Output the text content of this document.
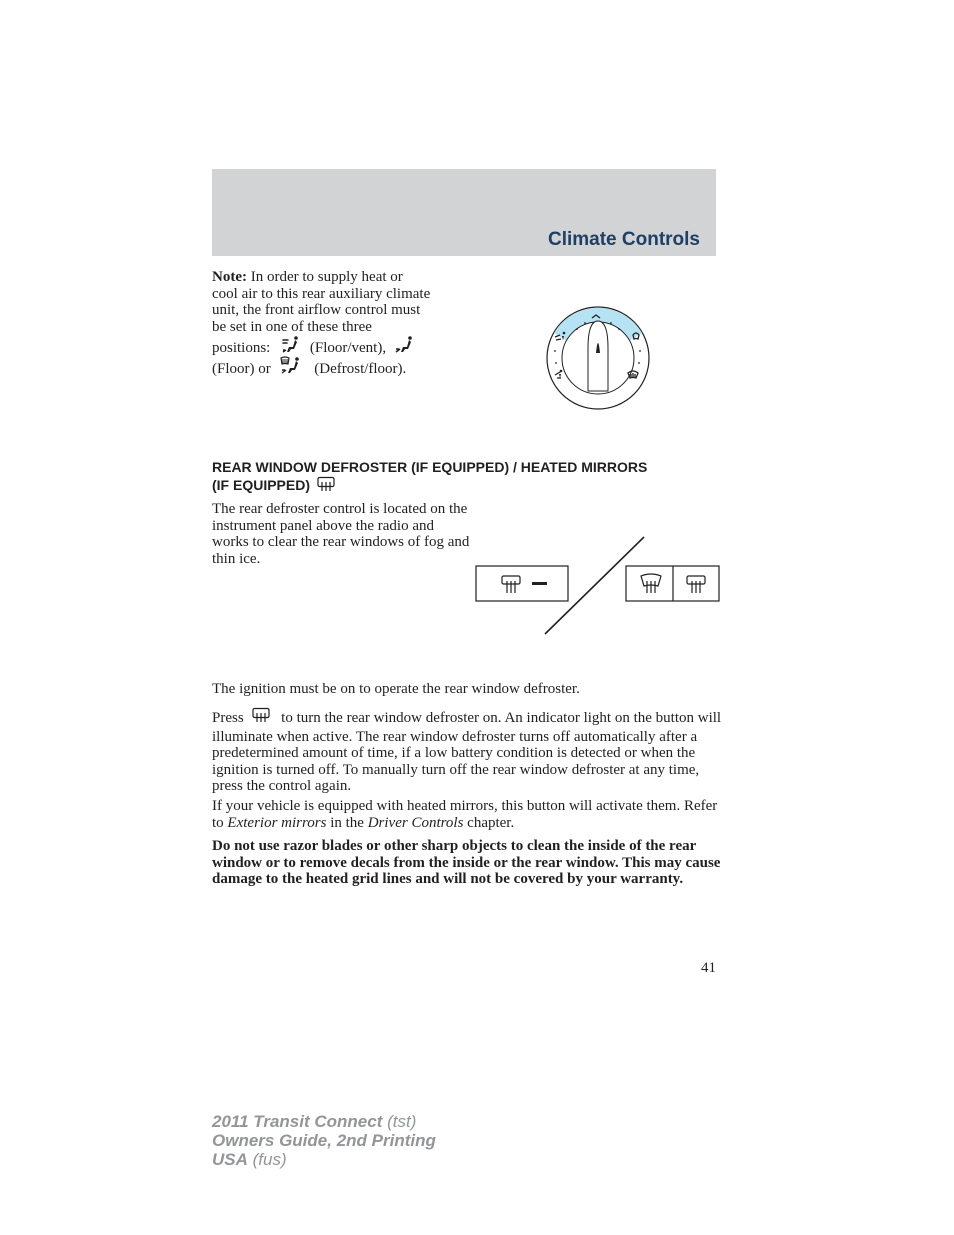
Climate Controls
Note: In order to supply heat or
cool air to this rear auxiliary climate
unit, the front airflow control must
be set in one of these three
positions:	(Floor/vent),
(Floor) or	(Defrost/floor).
REAR WINDOW DEFROSTER (IF EQUIPPED) / HEATED MIRRORS
(IF EQUIPPED)
The rear defroster control is located on the instrument panel above the radio and works to clear the rear windows of fog and thin ice.
The ignition must be on to operate the rear window defroster.
Press  to turn the rear window defroster on. An indicator light on the button will illuminate when active. The rear window defroster turns off automatically after a predetermined amount of time, if a low battery condition is detected or when the ignition is turned off. To manually turn off the rear window defroster at any time, press the control again.
If your vehicle is equipped with heated mirrors, this button will activate them. Refer to Exterior mirrors in the Driver Controls chapter.
Do not use razor blades or other sharp objects to clean the inside of the rear window or to remove decals from the inside or the rear window. This may cause damage to the heated grid lines and will not be covered by your warranty.
41
2011 Transit Connect (tst)
Owners Guide, 2nd Printing
USA (fus)
